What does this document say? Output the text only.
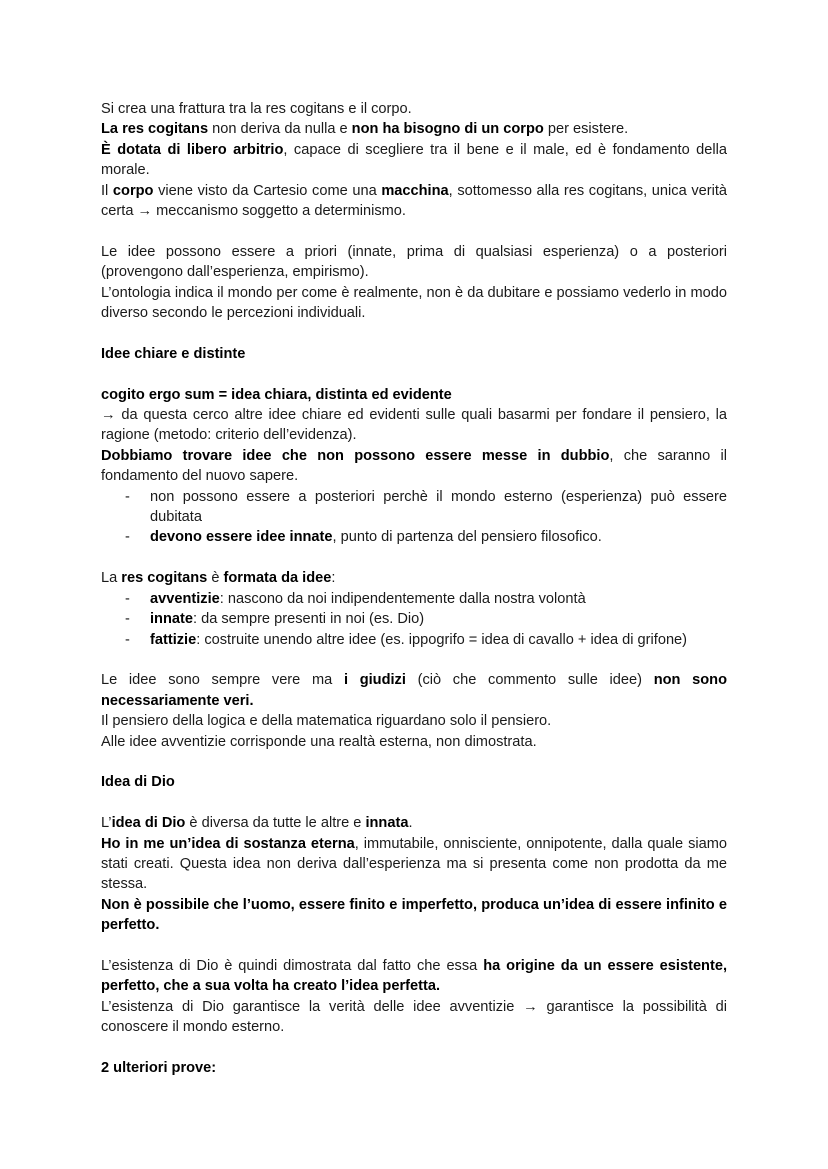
Si crea una frattura tra la res cogitans e il corpo.

La res cogitans non deriva da nulla e non ha bisogno di un corpo per esistere.

È dotata di libero arbitrio, capace di scegliere tra il bene e il male, ed è fondamento della morale.

Il corpo viene visto da Cartesio come una macchina, sottomesso alla res cogitans, unica verità certa → meccanismo soggetto a determinismo.

Le idee possono essere a priori (innate, prima di qualsiasi esperienza) o a posteriori (provengono dall’esperienza, empirismo).

L’ontologia indica il mondo per come è realmente, non è da dubitare e possiamo vederlo in modo diverso secondo le percezioni individuali.

Idee chiare e distinte

cogito ergo sum = idea chiara, distinta ed evidente

→ da questa cerco altre idee chiare ed evidenti sulle quali basarmi per fondare il pensiero, la ragione (metodo: criterio dell’evidenza).

Dobbiamo trovare idee che non possono essere messe in dubbio, che saranno il fondamento del nuovo sapere.

- non possono essere a posteriori perchè il mondo esterno (esperienza) può essere dubitata
- devono essere idee innate, punto di partenza del pensiero filosofico.

La res cogitans è formata da idee:

- avventizie: nascono da noi indipendentemente dalla nostra volontà
- innate: da sempre presenti in noi (es. Dio)
- fattizie: costruite unendo altre idee (es. ippogrifo = idea di cavallo + idea di grifone)

Le idee sono sempre vere ma i giudizi (ciò che commento sulle idee) non sono necessariamente veri.

Il pensiero della logica e della matematica riguardano solo il pensiero.

Alle idee avventizie corrisponde una realtà esterna, non dimostrata.

Idea di Dio

L’idea di Dio è diversa da tutte le altre e innata.

Ho in me un’idea di sostanza eterna, immutabile, onnisciente, onnipotente, dalla quale siamo stati creati. Questa idea non deriva dall’esperienza ma si presenta come non prodotta da me stessa.

Non è possibile che l’uomo, essere finito e imperfetto, produca un’idea di essere infinito e perfetto.

L’esistenza di Dio è quindi dimostrata dal fatto che essa ha origine da un essere esistente, perfetto, che a sua volta ha creato l’idea perfetta.

L’esistenza di Dio garantisce la verità delle idee avventizie → garantisce la possibilità di conoscere il mondo esterno.

2 ulteriori prove:
